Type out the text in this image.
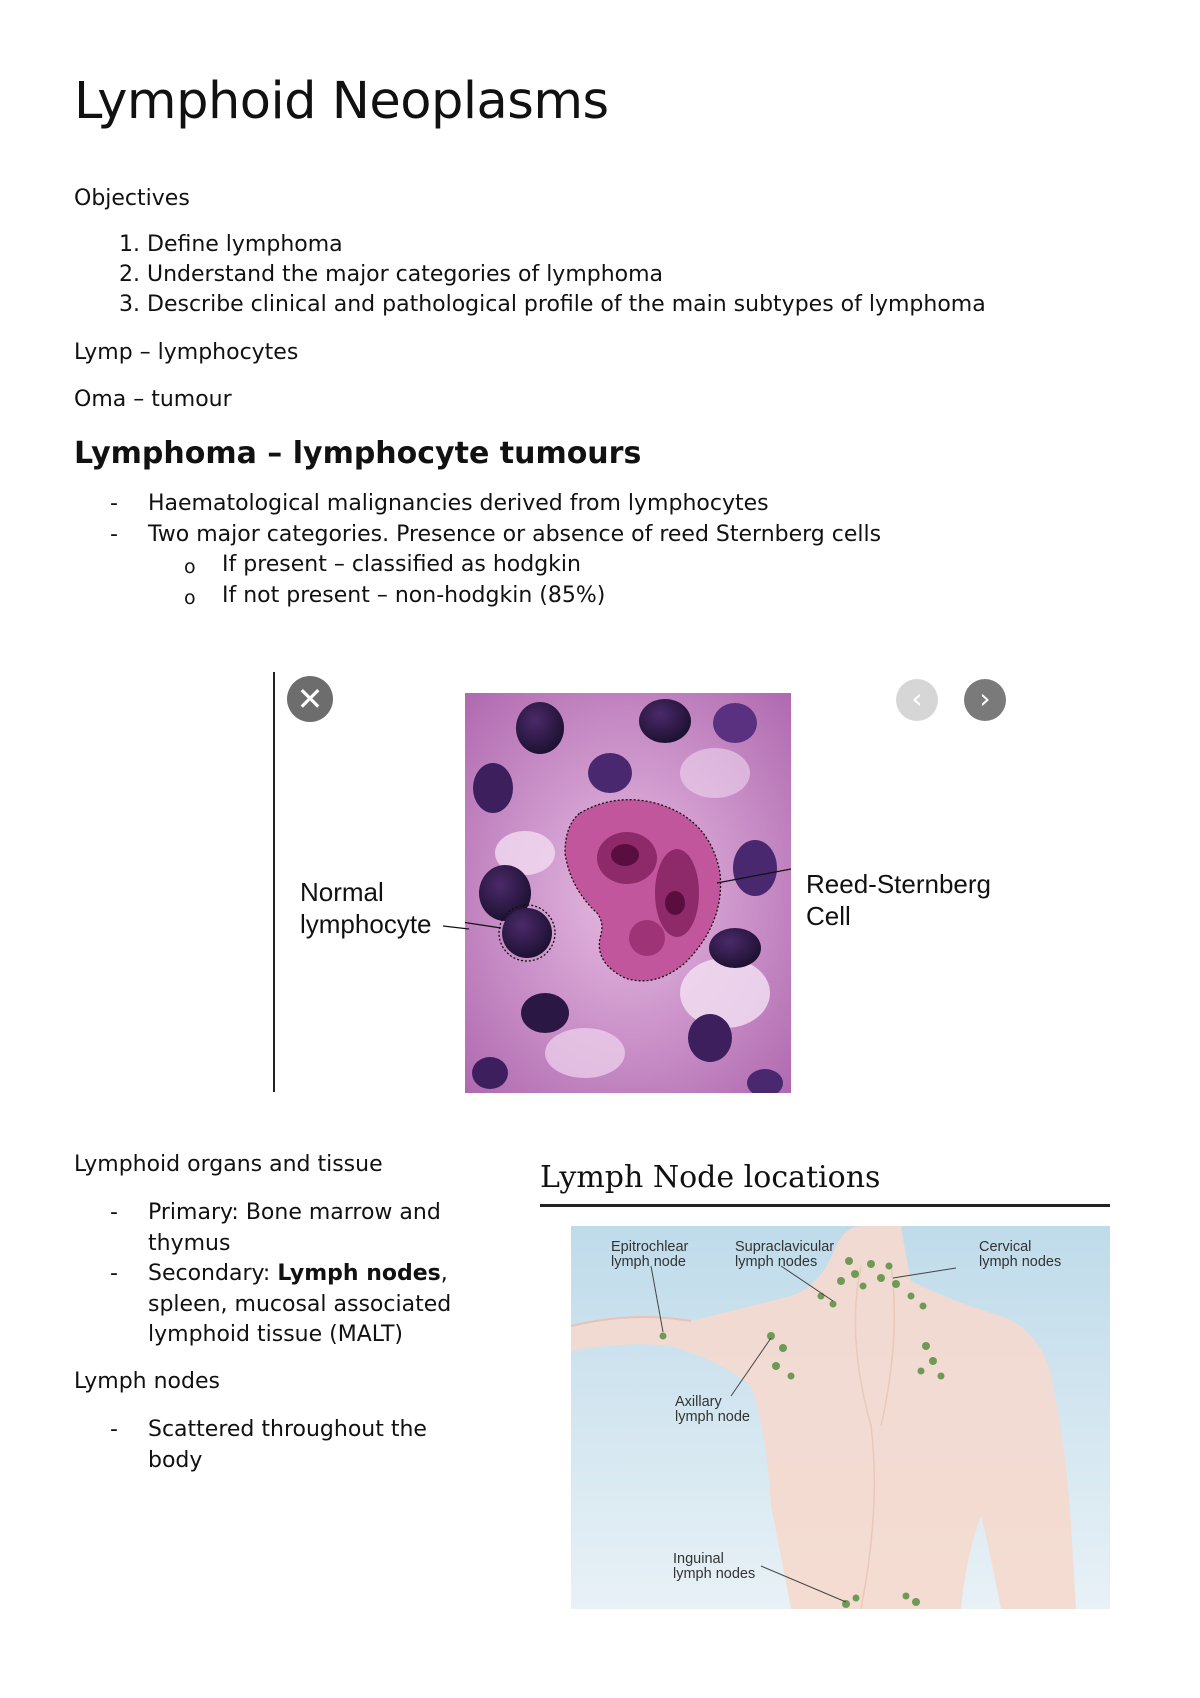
Lymphoid Neoplasms

Objectives

1. Define lymphoma
2. Understand the major categories of lymphoma
3. Describe clinical and pathological profile of the main subtypes of lymphoma

Lymp – lymphocytes

Oma – tumour

Lymphoma – lymphocyte tumours
- Haematological malignancies derived from lymphocytes
- Two major categories. Presence or absence of reed Sternberg cells
o If present – classified as hodgkin
o If not present – non-hodgkin (85%)
✕	‹	›
Normal
lymphocyte
Reed-Sternberg
Cell

Lymphoid organs and tissue

- Primary: Bone marrow and thymus
- Secondary: Lymph nodes, spleen, mucosal associated lymphoid tissue (MALT)

Lymph nodes

- Scattered throughout the body
Lymph Node locations
Epitrochlear
lymph node
Supraclavicular
lymph nodes
Cervical
lymph nodes
Axillary
lymph node
Inguinal
lymph nodes
